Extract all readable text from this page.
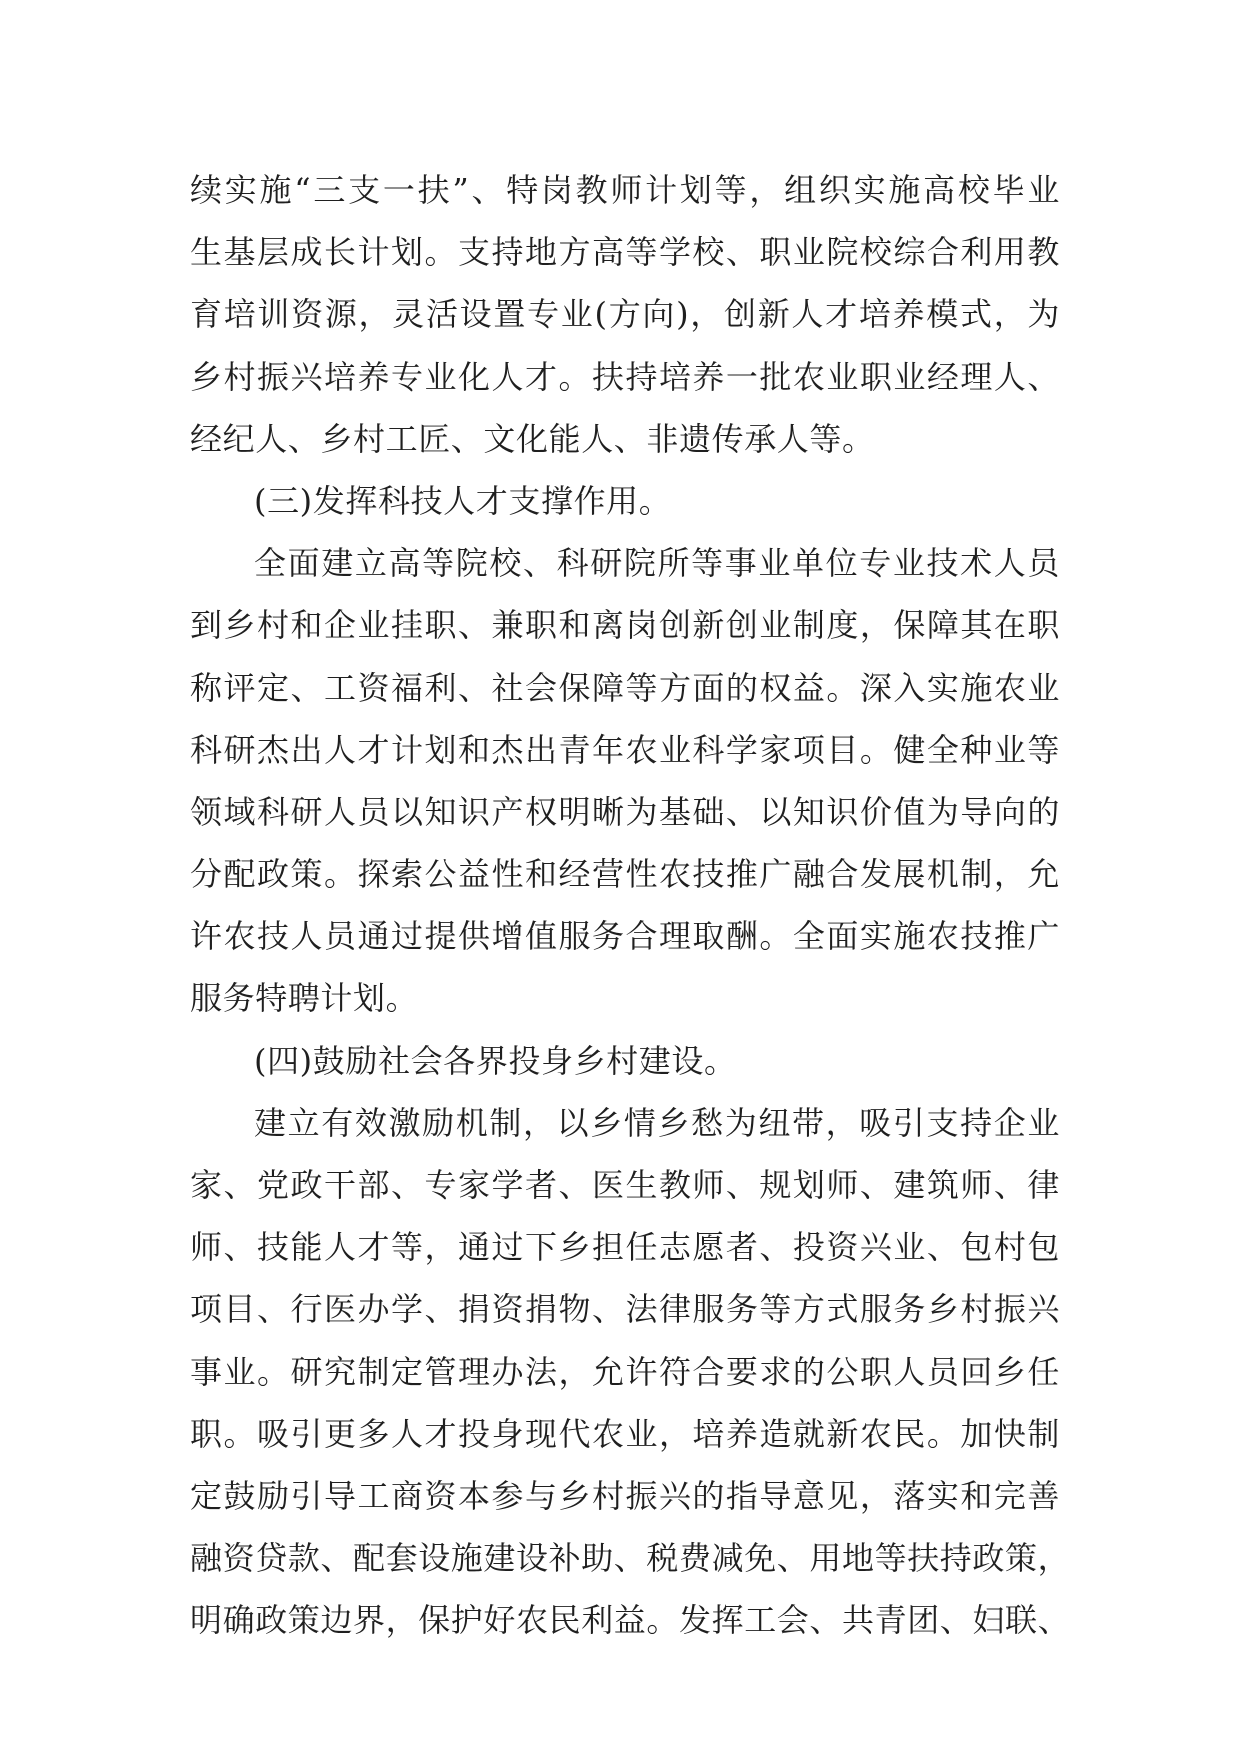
续实施“三支一扶”、特岗教师计划等，组织实施高校毕业
生基层成长计划。支持地方高等学校、职业院校综合利用教
育培训资源，灵活设置专业(方向)，创新人才培养模式，为
乡村振兴培养专业化人才。扶持培养一批农业职业经理人、
经纪人、乡村工匠、文化能人、非遗传承人等。
(三)发挥科技人才支撑作用。
全面建立高等院校、科研院所等事业单位专业技术人员
到乡村和企业挂职、兼职和离岗创新创业制度，保障其在职
称评定、工资福利、社会保障等方面的权益。深入实施农业
科研杰出人才计划和杰出青年农业科学家项目。健全种业等
领域科研人员以知识产权明晰为基础、以知识价值为导向的
分配政策。探索公益性和经营性农技推广融合发展机制，允
许农技人员通过提供增值服务合理取酬。全面实施农技推广
服务特聘计划。
(四)鼓励社会各界投身乡村建设。
建立有效激励机制，以乡情乡愁为纽带，吸引支持企业
家、党政干部、专家学者、医生教师、规划师、建筑师、律
师、技能人才等，通过下乡担任志愿者、投资兴业、包村包
项目、行医办学、捐资捐物、法律服务等方式服务乡村振兴
事业。研究制定管理办法，允许符合要求的公职人员回乡任
职。吸引更多人才投身现代农业，培养造就新农民。加快制
定鼓励引导工商资本参与乡村振兴的指导意见，落实和完善
融资贷款、配套设施建设补助、税费减免、用地等扶持政策，
明确政策边界，保护好农民利益。发挥工会、共青团、妇联、
